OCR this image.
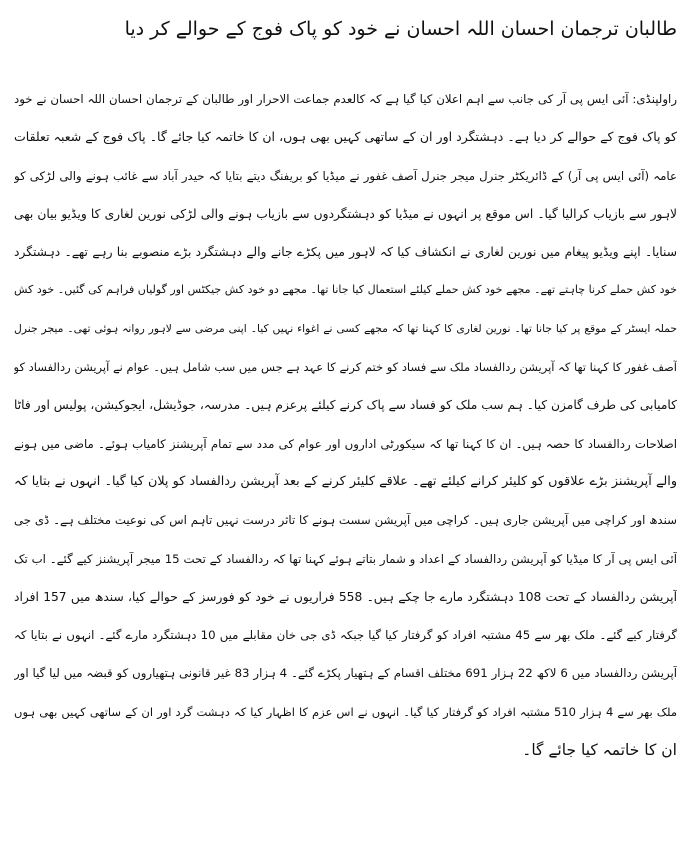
طالبان ترجمان احسان اللہ احسان نے خود کو پاک فوج کے حوالے کر دیا
راولپنڈی: آئی ایس پی آر کی جانب سے اہم اعلان کیا گیا ہے کہ کالعدم جماعت الاحرار اور طالبان کے ترجمان احسان اللہ احسان نے خود
کو پاک فوج کے حوالے کر دیا ہے۔ دہشتگرد اور ان کے ساتھی کہیں بھی ہوں، ان کا خاتمہ کیا جائے گا۔ پاک فوج کے شعبہ تعلقات
عامہ (آئی ایس پی آر) کے ڈائریکٹر جنرل میجر جنرل آصف غفور نے میڈیا کو بریفنگ دیتے بتایا کہ حیدر آباد سے غائب ہونے والی لڑکی کو
لاہور سے بازیاب کرالیا گیا۔ اس موقع پر انہوں نے میڈیا کو دہشتگردوں سے بازیاب ہونے والی لڑکی نورین لغاری کا ویڈیو بیان بھی
سنایا۔ اپنے ویڈیو پیغام میں نورین لغاری نے انکشاف کیا کہ لاہور میں پکڑے جانے والے دہشتگرد بڑے منصوبے بنا رہے تھے۔ دہشتگرد
خود کش حملے کرنا چاہتے تھے۔ مجھے خود کش حملے کیلئے استعمال کیا جانا تھا۔ مجھے دو خود کش جیکٹس اور گولیاں فراہم کی گئیں۔ خود کش
حملہ ایسٹر کے موقع پر کیا جانا تھا۔ نورین لغاری کا کہنا تھا کہ مجھے کسی نے اغواء نہیں کیا۔ اپنی مرضی سے لاہور روانہ ہوئی تھی۔ میجر جنرل
آصف غفور کا کہنا تھا کہ آپریشن ردالفساد ملک سے فساد کو ختم کرنے کا عہد ہے جس میں سب شامل ہیں۔ عوام نے آپریشن ردالفساد کو
کامیابی کی طرف گامزن کیا۔ ہم سب ملک کو فساد سے پاک کرنے کیلئے پرعزم ہیں۔ مدرسہ، جوڈیشل، ایجوکیشن، پولیس اور فاٹا
اصلاحات ردالفساد کا حصہ ہیں۔ ان کا کہنا تھا کہ سیکورٹی اداروں اور عوام کی مدد سے تمام آپریشنز کامیاب ہوئے۔ ماضی میں ہونے
والے آپریشنز بڑے علاقوں کو کلیئر کرانے کیلئے تھے۔ علاقے کلیئر کرنے کے بعد آپریشن ردالفساد کو پلان کیا گیا۔ انہوں نے بتایا کہ
سندھ اور کراچی میں آپریشن جاری ہیں۔ کراچی میں آپریشن سست ہونے کا تاثر درست نہیں تاہم اس کی نوعیت مختلف ہے۔ ڈی جی
آئی ایس پی آر کا میڈیا کو آپریشن ردالفساد کے اعداد و شمار بتاتے ہوئے کہنا تھا کہ ردالفساد کے تحت 15 میجر آپریشنز کیے گئے۔ اب تک
آپریشن ردالفساد کے تحت 108 دہشتگرد مارے جا چکے ہیں۔ 558 فراریوں نے خود کو فورسز کے حوالے کیا، سندھ میں 157 افراد
گرفتار کیے گئے۔ ملک بھر سے 45 مشتبہ افراد کو گرفتار کیا گیا جبکہ ڈی جی خان مقابلے میں 10 دہشتگرد مارے گئے۔ انہوں نے بتایا کہ
آپریشن ردالفساد میں 6 لاکھ 22 ہزار 691 مختلف اقسام کے ہتھیار پکڑے گئے۔ 4 ہزار 83 غیر قانونی ہتھیاروں کو قبضہ میں لیا گیا اور
ملک بھر سے 4 ہزار 510 مشتبہ افراد کو گرفتار کیا گیا۔ انہوں نے اس عزم کا اظہار کیا کہ دہشت گرد اور ان کے ساتھی کہیں بھی ہوں
ان کا خاتمہ کیا جائے گا۔
